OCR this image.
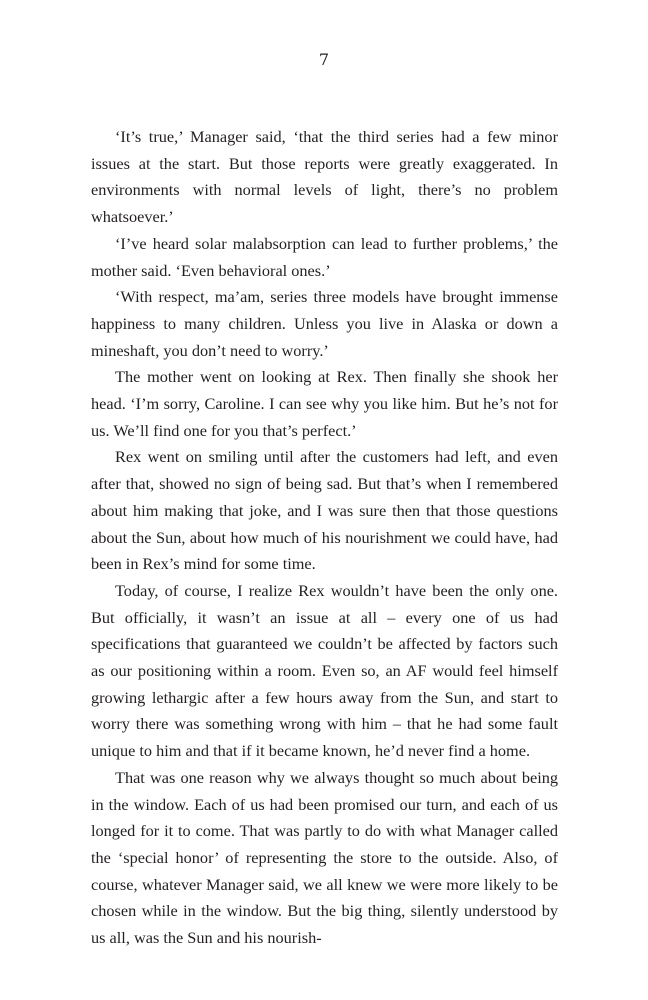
7

‘It’s true,’ Manager said, ‘that the third series had a few minor issues at the start. But those reports were greatly exaggerated. In environments with normal levels of light, there’s no problem whatsoever.’

‘I’ve heard solar malabsorption can lead to further problems,’ the mother said. ‘Even behavioral ones.’

‘With respect, ma’am, series three models have brought immense happiness to many children. Unless you live in Alaska or down a mineshaft, you don’t need to worry.’

The mother went on looking at Rex. Then finally she shook her head. ‘I’m sorry, Caroline. I can see why you like him. But he’s not for us. We’ll find one for you that’s perfect.’

Rex went on smiling until after the customers had left, and even after that, showed no sign of being sad. But that’s when I remembered about him making that joke, and I was sure then that those questions about the Sun, about how much of his nourishment we could have, had been in Rex’s mind for some time.

Today, of course, I realize Rex wouldn’t have been the only one. But officially, it wasn’t an issue at all – every one of us had specifications that guaranteed we couldn’t be affected by factors such as our positioning within a room. Even so, an AF would feel himself growing lethargic after a few hours away from the Sun, and start to worry there was something wrong with him – that he had some fault unique to him and that if it became known, he’d never find a home.

That was one reason why we always thought so much about being in the window. Each of us had been promised our turn, and each of us longed for it to come. That was partly to do with what Manager called the ‘special honor’ of representing the store to the outside. Also, of course, whatever Manager said, we all knew we were more likely to be chosen while in the window. But the big thing, silently understood by us all, was the Sun and his nourish-
